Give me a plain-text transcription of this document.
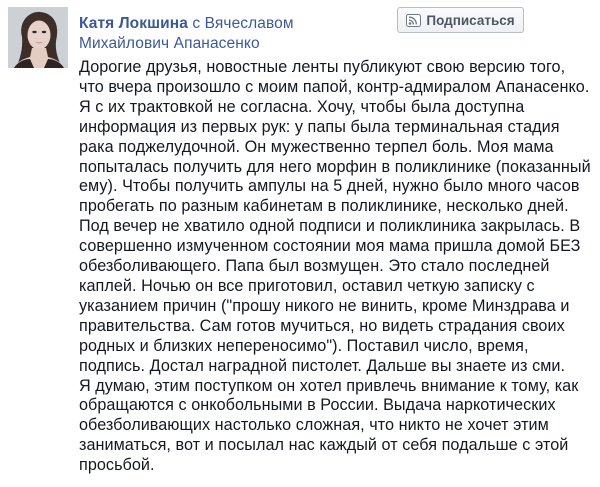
Катя Локшина с Вячеславом Михайлович Апанасенко
Подписаться

Дорогие друзья, новостные ленты публикуют свою версию того, что вчера произошло с моим папой, контр-адмиралом Апанасенко. Я с их трактовкой не согласна. Хочу, чтобы была доступна информация из первых рук: у папы была терминальная стадия рака поджелудочной. Он мужественно терпел боль. Моя мама попыталась получить для него морфин в поликлинике (показанный ему). Чтобы получить ампулы на 5 дней, нужно было много часов пробегать по разным кабинетам в поликлинике, несколько дней. Под вечер не хватило одной подписи и поликлиника закрылась. В совершенно измученном состоянии моя мама пришла домой БЕЗ обезболивающего. Папа был возмущен. Это стало последней каплей. Ночью он все приготовил, оставил четкую записку с указанием причин ("прошу никого не винить, кроме Минздрава и правительства. Сам готов мучиться, но видеть страдания своих родных и близких непереносимо"). Поставил число, время, подпись. Достал наградной пистолет. Дальше вы знаете из сми.

Я думаю, этим поступком он хотел привлечь внимание к тому, как обращаются с онкобольными в России. Выдача наркотических обезболивающих настолько сложная, что никто не хочет этим заниматься, вот и посылал нас каждый от себя подальше с этой просьбой.
